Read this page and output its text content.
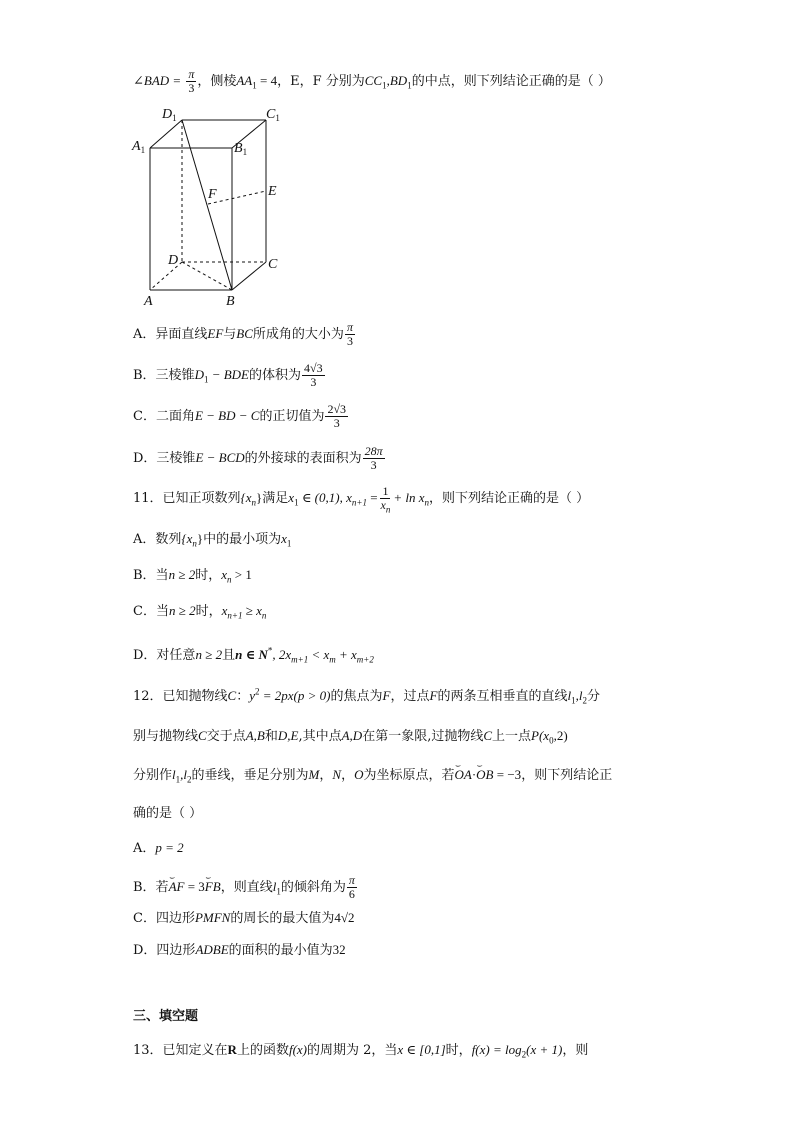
∠BAD = $\frac{\pi}{3}$ ，侧棱$AA_1 = 4$，E，F 分别为$CC_1,BD_1$的中点，则下列结论正确的是（ ）
$D_1$	$C_1$
$A_1$	$B_1$
F	E
D	C
A	B
A．异面直线EF与BC所成角的大小为 $\frac{\pi}{3}$
B．三棱锥$D_1$ − BDE的体积为 $\frac{4√3}{3}$
C．二面角E − BD − C的正切值为 $\frac{2√3}{3}$
D．三棱锥E − BCD的外接球的表面积为 $\frac{28\pi}{3}$
11．已知正项数列$\{x_n\}$满足$x_1$ ∈ (0,1), $x_{n+1} = \frac{1}{x_n} + \ln x_n$，则下列结论正确的是（ ）
A．数列$\{x_n\}$中的最小项为$x_1$
B．当n ≥ 2时，$x_n > 1$
C．当n ≥ 2时，$x_{n+1} \ge x_n$
D．对任意n ≥ 2且n ∈ N*, $2x_{m+1} < x_m + x_{m+2}$
12．已知抛物线C：$y^2 = 2px(p > 0)$的焦点为F，过点F的两条互相垂直的直线$l_1,l_2$分
别与抛物线C交于点A,B和D,E,其中点A,D在第一象限,过抛物线C上一点$P(x_0,2)$
分别作$l_1,l_2$的垂线，垂足分别为M，N，O为坐标原点，若⌣ OA·⌣ OB = −3，则下列结论正
确的是（ ）
A．p = 2
B．若⌣ AF = 3⌣ FB，则直线$l_1$的倾斜角为 $\frac{\pi}{6}$
C．四边形PMFN的周长的最大值为4√2
D．四边形ADBE的面积的最小值为32
三、填空题
13．已知定义在R上的函数f(x)的周期为 2，当x ∈ [0,1]时，$f(x) = \log_2(x + 1)$，则
